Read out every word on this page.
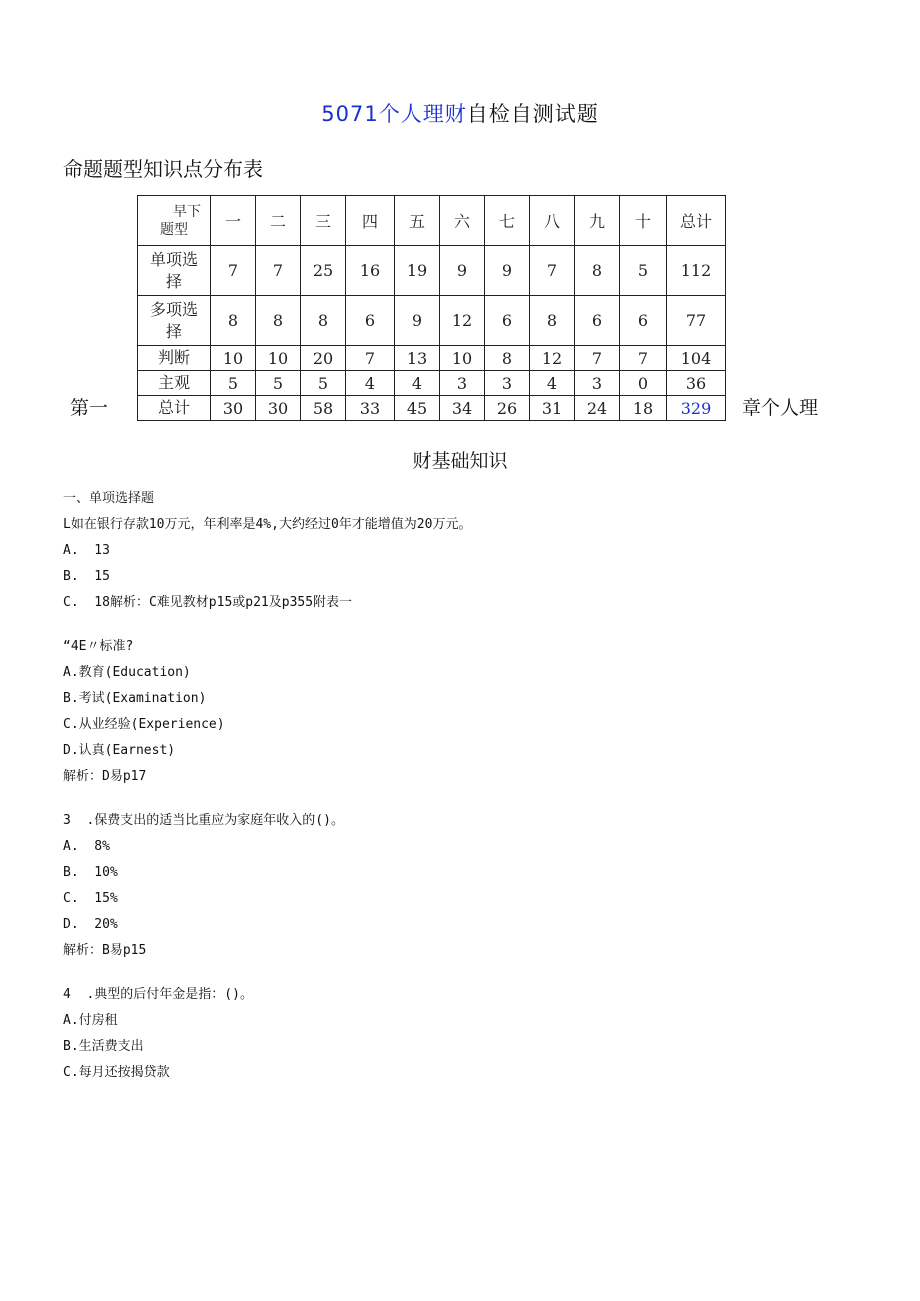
5071个人理财自检自测试题
命题题型知识点分布表
早下
题型	一	二	三	四	五	六	七	八	九	十	总计
单项选择	7	7	25	16	19	9	9	7	8	5	112
多项选择	8	8	8	6	9	12	6	8	6	6	77
判断	10	10	20	7	13	10	8	12	7	7	104
主观	5	5	5	4	4	3	3	4	3	0	36
总计	30	30	58	33	45	34	26	31	24	18	329
第一	章个人理
财基础知识
一、单项选择题
L如在银行存款10万元，年利率是4%,大约经过0年才能增值为20万元。
A.  13
B.  15
C.  18解析：C难见教材p15或p21及p355附表一
“4E〃标准?
A.教育(Education)
B.考试(Examination)
C.从业经验(Experience)
D.认真(Earnest)
解析：D易p17
3  .保费支出的适当比重应为家庭年收入的()。
A.  8%
B.  10%
C.  15%
D.  20%
解析：B易p15
4  .典型的后付年金是指：()。
A.付房租
B.生活费支出
C.每月还按揭贷款
